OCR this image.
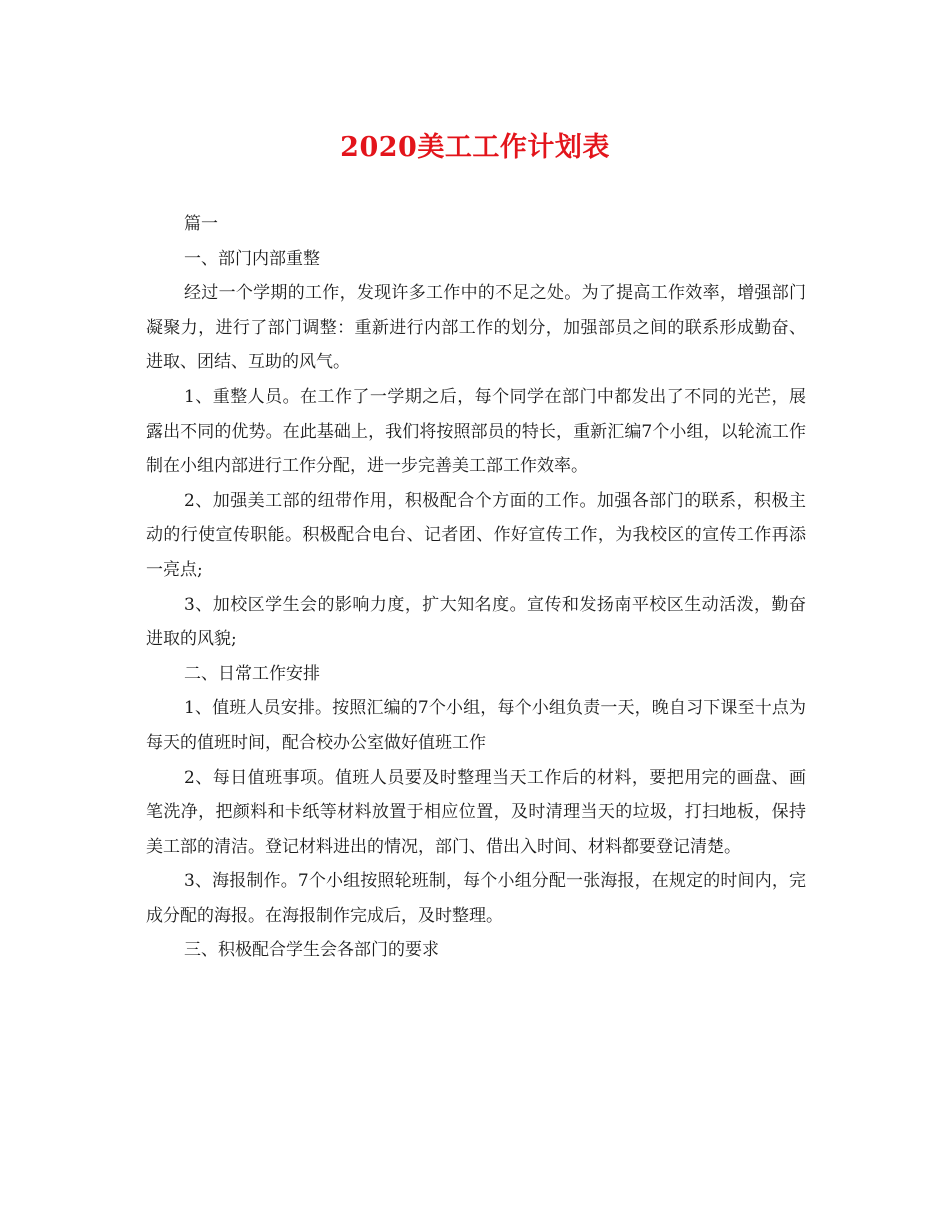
2020美工工作计划表

篇一

一、部门内部重整

经过一个学期的工作，发现许多工作中的不足之处。为了提高工作效率，增强部门凝聚力，进行了部门调整：重新进行内部工作的划分，加强部员之间的联系形成勤奋、进取、团结、互助的风气。

1、重整人员。在工作了一学期之后，每个同学在部门中都发出了不同的光芒，展露出不同的优势。在此基础上，我们将按照部员的特长，重新汇编7个小组，以轮流工作制在小组内部进行工作分配，进一步完善美工部工作效率。

2、加强美工部的纽带作用，积极配合个方面的工作。加强各部门的联系，积极主动的行使宣传职能。积极配合电台、记者团、作好宣传工作，为我校区的宣传工作再添一亮点;

3、加校区学生会的影响力度，扩大知名度。宣传和发扬南平校区生动活泼，勤奋进取的风貌;

二、日常工作安排

1、值班人员安排。按照汇编的7个小组，每个小组负责一天，晚自习下课至十点为每天的值班时间，配合校办公室做好值班工作

2、每日值班事项。值班人员要及时整理当天工作后的材料，要把用完的画盘、画笔洗净，把颜料和卡纸等材料放置于相应位置，及时清理当天的垃圾，打扫地板，保持美工部的清洁。登记材料进出的情况，部门、借出入时间、材料都要登记清楚。

3、海报制作。7个小组按照轮班制，每个小组分配一张海报，在规定的时间内，完成分配的海报。在海报制作完成后，及时整理。

三、积极配合学生会各部门的要求
